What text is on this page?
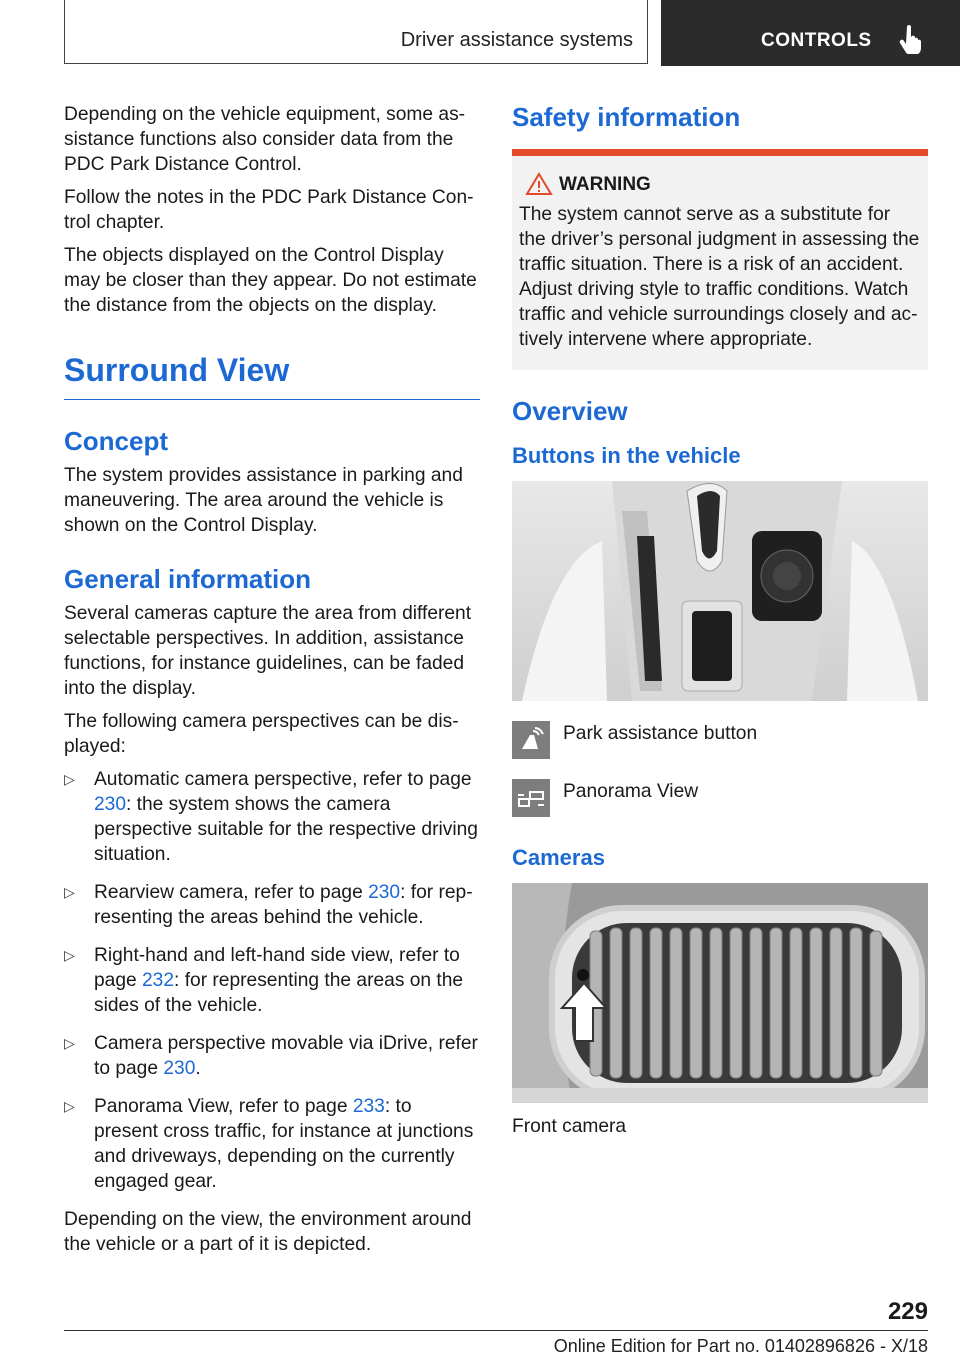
Driver assistance systems	CONTROLS

Depending on the vehicle equipment, some assistance functions also consider data from the PDC Park Distance Control.

Follow the notes in the PDC Park Distance Control chapter.

The objects displayed on the Control Display may be closer than they appear. Do not estimate the distance from the objects on the display.

Surround View
Concept

The system provides assistance in parking and maneuvering. The area around the vehicle is shown on the Control Display.

General information

Several cameras capture the area from different selectable perspectives. In addition, assistance functions, for instance guidelines, can be faded into the display.

The following camera perspectives can be displayed:

▷ Automatic camera perspective, refer to page 230: the system shows the camera perspective suitable for the respective driving situation.
▷ Rearview camera, refer to page 230: for representing the areas behind the vehicle.
▷ Right-hand and left-hand side view, refer to page 232: for representing the areas on the sides of the vehicle.
▷ Camera perspective movable via iDrive, refer to page 230.
▷ Panorama View, refer to page 233: to present cross traffic, for instance at junctions and driveways, depending on the currently engaged gear.

Depending on the view, the environment around the vehicle or a part of it is depicted.

Safety information
WARNING

The system cannot serve as a substitute for the driver’s personal judgment in assessing the traffic situation. There is a risk of an accident. Adjust driving style to traffic conditions. Watch traffic and vehicle surroundings closely and actively intervene where appropriate.

Overview
Buttons in the vehicle
Park assistance button
Panorama View
Cameras
Front camera
229
Online Edition for Part no. 01402896826 - X/18
